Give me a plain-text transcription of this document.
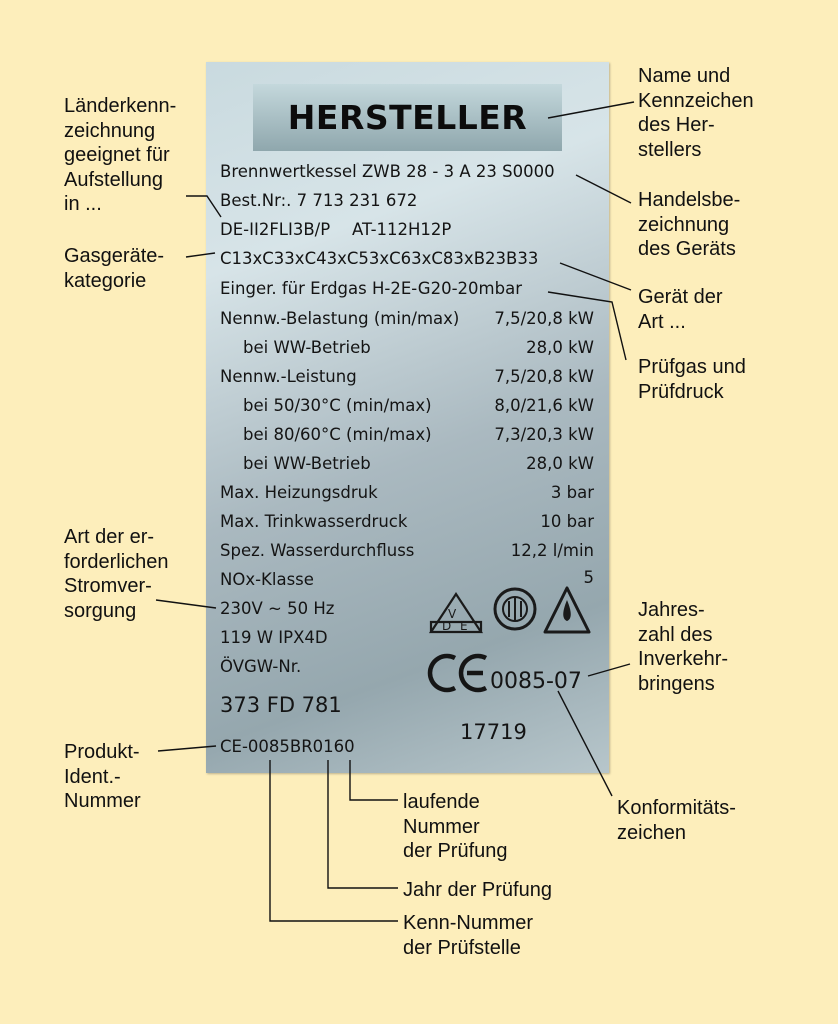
HERSTELLER
Brennwertkessel ZWB 28 - 3 A 23 S0000
Best.Nr:. 7 713 231 672
DE-II2FLI3B/P AT-112H12P
C13xC33xC43xC53xC63xC83xB23B33
Einger. für Erdgas H-2E-G20-20mbar
Nennw.-Belastung (min/max) 7,5/20,8 kW
bei WW-Betrieb	28,0 kW
Nennw.-Leistung	7,5/20,8 kW
bei 50/30°C (min/max)	8,0/21,6 kW
bei 80/60°C (min/max)	7,3/20,3 kW
bei WW-Betrieb	28,0 kW
Max. Heizungsdruk	3 bar
Max. Trinkwasserdruck	10 bar
Spez. Wasserdurchfluss	12,2 l/min
NOx-Klasse	5
230V ~ 50 Hz
119 W IPX4D
ÖVGW-Nr.
373 FD 781
CE-0085BR0160
17719
V
D E
0085-07
Länderkenn-
zeichnung
geeignet für
Aufstellung
in ...
Gasgeräte-
kategorie
Art der er-
forderlichen
Stromver-
sorgung
Produkt-
Ident.-
Nummer
Name und
Kennzeichen
des Her-
stellers
Handelsbe-
zeichnung
des Geräts
Gerät der
Art ...
Prüfgas und
Prüfdruck
Jahres-
zahl des
Inverkehr-
bringens
Konformitäts-
zeichen
laufende
Nummer
der Prüfung
Jahr der Prüfung
Kenn-Nummer
der Prüfstelle
